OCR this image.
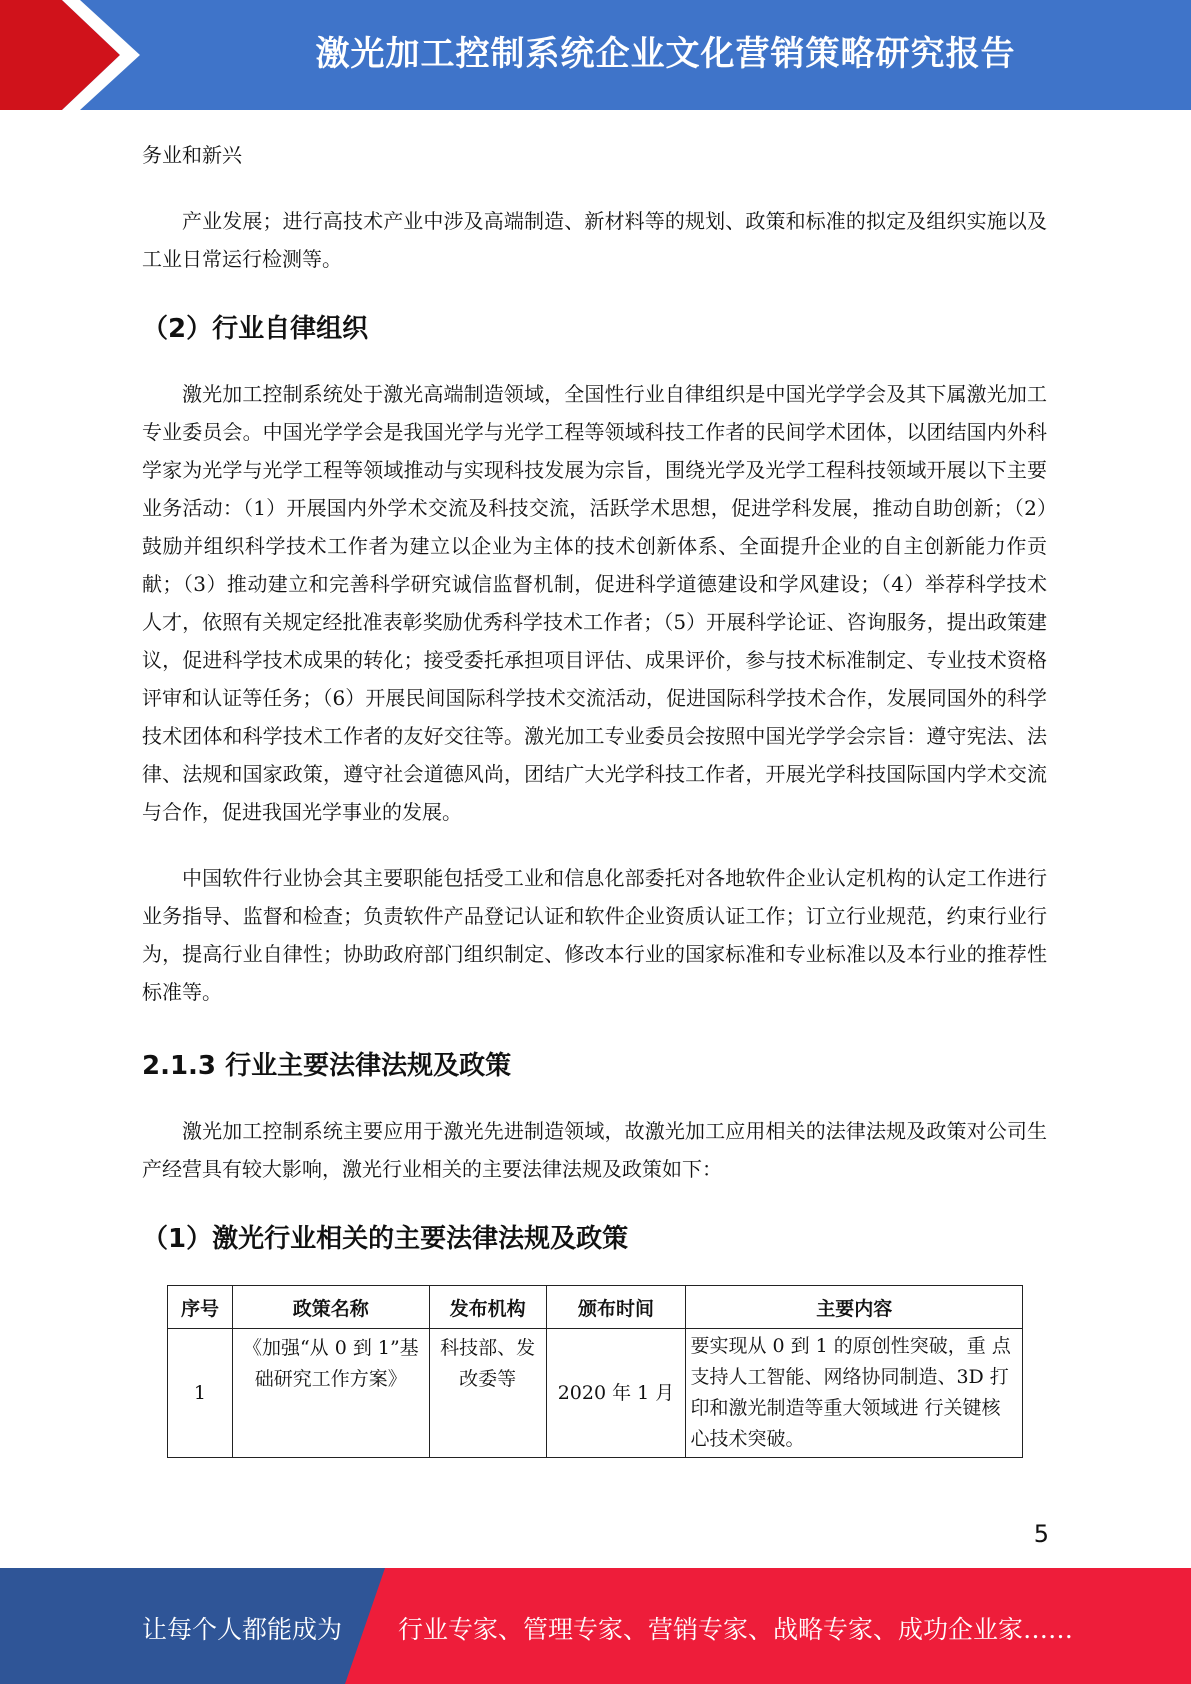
激光加工控制系统企业文化营销策略研究报告

务业和新兴

产业发展；进行高技术产业中涉及高端制造、新材料等的规划、政策和标准的拟定及组织实施以及工业日常运行检测等。

（2）行业自律组织

激光加工控制系统处于激光高端制造领域，全国性行业自律组织是中国光学学会及其下属激光加工专业委员会。中国光学学会是我国光学与光学工程等领域科技工作者的民间学术团体，以团结国内外科学家为光学与光学工程等领域推动与实现科技发展为宗旨，围绕光学及光学工程科技领域开展以下主要业务活动：（1）开展国内外学术交流及科技交流，活跃学术思想，促进学科发展，推动自助创新；（2）鼓励并组织科学技术工作者为建立以企业为主体的技术创新体系、全面提升企业的自主创新能力作贡献；（3）推动建立和完善科学研究诚信监督机制，促进科学道德建设和学风建设；（4）举荐科学技术人才，依照有关规定经批准表彰奖励优秀科学技术工作者；（5）开展科学论证、咨询服务，提出政策建议，促进科学技术成果的转化；接受委托承担项目评估、成果评价，参与技术标准制定、专业技术资格评审和认证等任务；（6）开展民间国际科学技术交流活动，促进国际科学技术合作，发展同国外的科学技术团体和科学技术工作者的友好交往等。激光加工专业委员会按照中国光学学会宗旨：遵守宪法、法律、法规和国家政策，遵守社会道德风尚，团结广大光学科技工作者，开展光学科技国际国内学术交流与合作，促进我国光学事业的发展。

中国软件行业协会其主要职能包括受工业和信息化部委托对各地软件企业认定机构的认定工作进行业务指导、监督和检查；负责软件产品登记认证和软件企业资质认证工作；订立行业规范，约束行业行为，提高行业自律性；协助政府部门组织制定、修改本行业的国家标准和专业标准以及本行业的推荐性标准等。

2.1.3 行业主要法律法规及政策

激光加工控制系统主要应用于激光先进制造领域，故激光加工应用相关的法律法规及政策对公司生产经营具有较大影响，激光行业相关的主要法律法规及政策如下：

（1）激光行业相关的主要法律法规及政策
序号	政策名称	发布机构	颁布时间	主要内容
1	《加强“从 0 到 1”基础研究工作方案》	科技部、发改委等	2020 年 1 月	要实现从 0 到 1 的原创性突破，重 点支持人工智能、网络协同制造、3D 打印和激光制造等重大领域进 行关键核心技术突破。
5
让每个人都能成为 行业专家、管理专家、营销专家、战略专家、成功企业家……
